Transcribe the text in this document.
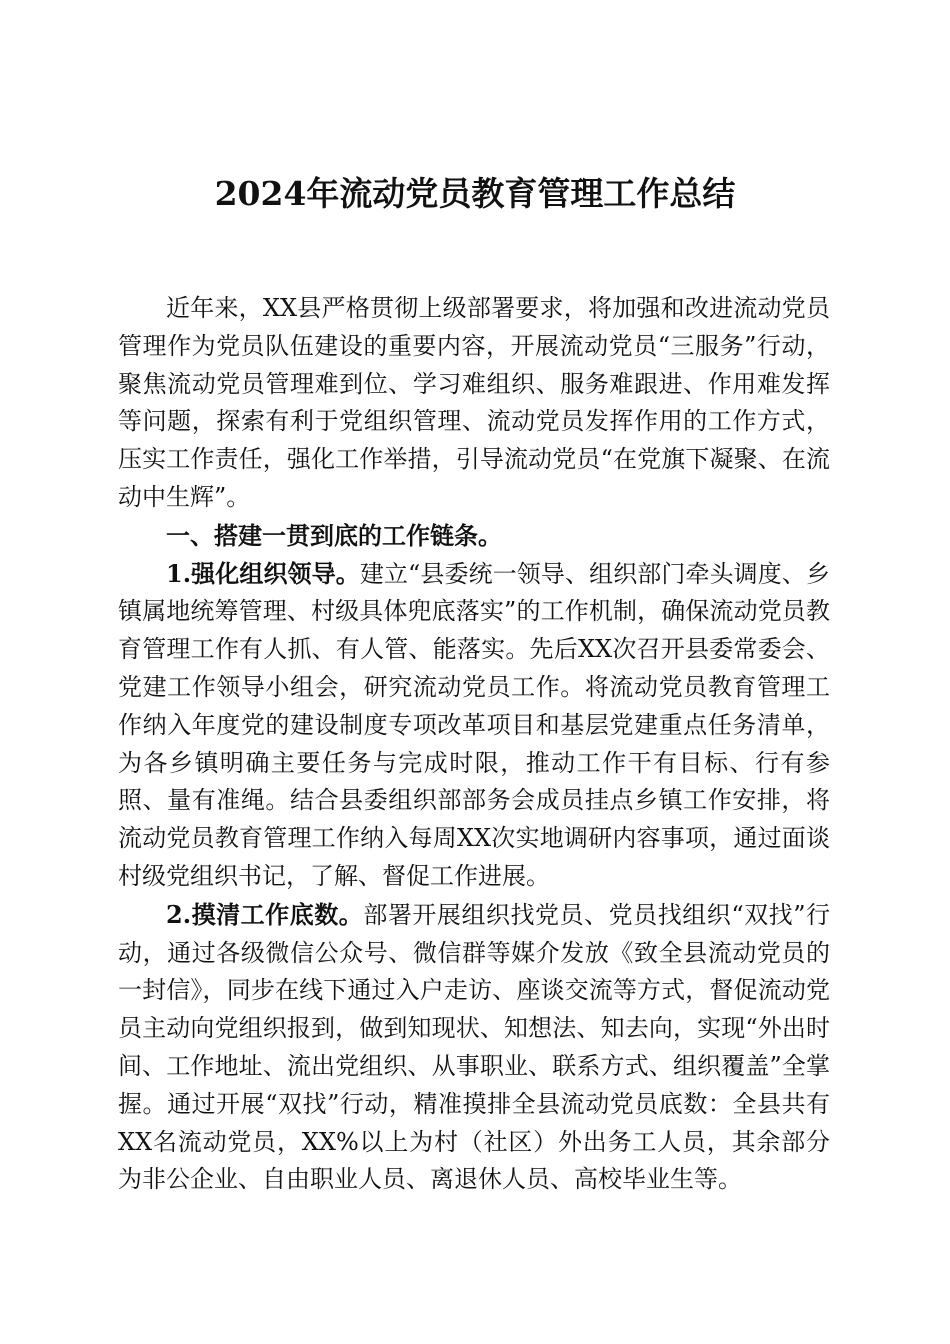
2024年流动党员教育管理工作总结

近年来，XX县严格贯彻上级部署要求，将加强和改进流动党员管理作为党员队伍建设的重要内容，开展流动党员“三服务”行动，聚焦流动党员管理难到位、学习难组织、服务难跟进、作用难发挥等问题，探索有利于党组织管理、流动党员发挥作用的工作方式，压实工作责任，强化工作举措，引导流动党员“在党旗下凝聚、在流动中生辉”。

一、搭建一贯到底的工作链条。

1.强化组织领导。建立“县委统一领导、组织部门牵头调度、乡镇属地统筹管理、村级具体兜底落实”的工作机制，确保流动党员教育管理工作有人抓、有人管、能落实。先后XX次召开县委常委会、党建工作领导小组会，研究流动党员工作。将流动党员教育管理工作纳入年度党的建设制度专项改革项目和基层党建重点任务清单，为各乡镇明确主要任务与完成时限，推动工作干有目标、行有参照、量有准绳。结合县委组织部部务会成员挂点乡镇工作安排，将流动党员教育管理工作纳入每周XX次实地调研内容事项，通过面谈村级党组织书记，了解、督促工作进展。

2.摸清工作底数。部署开展组织找党员、党员找组织“双找”行动，通过各级微信公众号、微信群等媒介发放《致全县流动党员的一封信》，同步在线下通过入户走访、座谈交流等方式，督促流动党员主动向党组织报到，做到知现状、知想法、知去向，实现“外出时间、工作地址、流出党组织、从事职业、联系方式、组织覆盖”全掌握。通过开展“双找”行动，精准摸排全县流动党员底数：全县共有XX名流动党员，XX%以上为村（社区）外出务工人员，其余部分为非公企业、自由职业人员、离退休人员、高校毕业生等。
